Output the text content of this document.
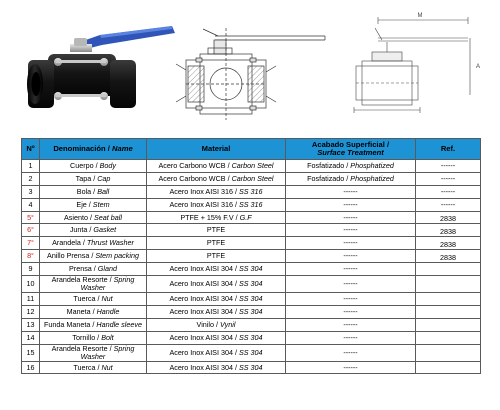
M
A
Nº	Denominación / Name	Material	Acabado Superficial /
Surface Treatment	Ref.
1	Cuerpo / Body	Acero Carbono WCB / Carbon Steel	Fosfatizado / Phosphatized	------
2	Tapa / Cap	Acero Carbono WCB / Carbon Steel	Fosfatizado / Phosphatized	------
3	Bola / Ball	Acero Inox AISI 316 / SS 316	------	------
4	Eje / Stem	Acero Inox AISI 316 / SS 316	------	------
5°	Asiento / Seat ball	PTFE + 15% F.V / G.F	------	2838
6°	Junta / Gasket	PTFE	------	2838
7°	Arandela / Thrust Washer	PTFE	------	2838
8°	Anillo Prensa / Stem packing	PTFE	------	2838
9	Prensa / Gland	Acero Inox AISI 304 / SS 304	------	
10	Arandela Resorte / Spring Washer	Acero Inox AISI 304 / SS 304	------	
11	Tuerca / Nut	Acero Inox AISI 304 / SS 304	------	
12	Maneta / Handle	Acero Inox AISI 304 / SS 304	------	
13	Funda Maneta / Handle sleeve	Vinilo / Vynil	------	
14	Tornillo / Bolt	Acero Inox AISI 304 / SS 304	------	
15	Arandela Resorte / Spring Washer	Acero Inox AISI 304 / SS 304	------	
16	Tuerca / Nut	Acero Inox AISI 304 / SS 304	------	
